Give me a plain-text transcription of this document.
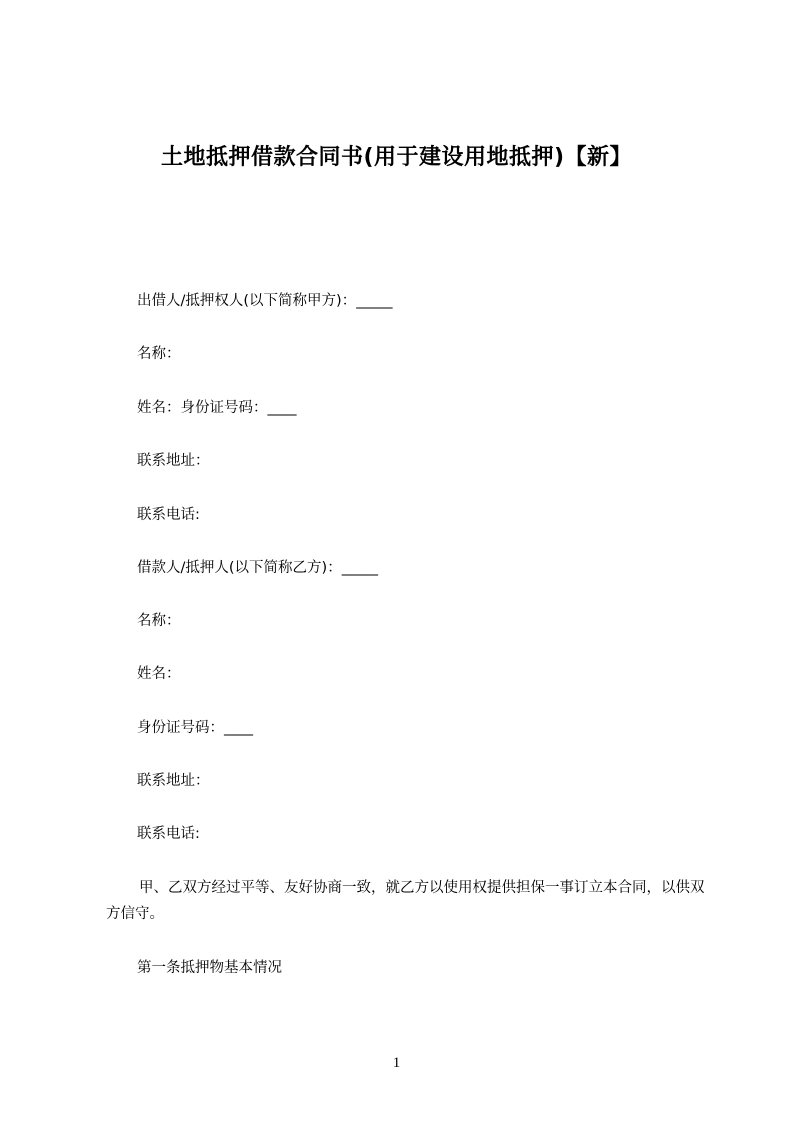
土地抵押借款合同书(用于建设用地抵押)【新】
出借人/抵押权人(以下简称甲方)：_____
名称：
姓名：身份证号码：____
联系地址：
联系电话:
借款人/抵押人(以下简称乙方)：_____
名称：
姓名：
身份证号码：____
联系地址：
联系电话:
甲、乙双方经过平等、友好协商一致，就乙方以使用权提供担保一事订立本合同，以供双方信守。
第一条抵押物基本情况
1
